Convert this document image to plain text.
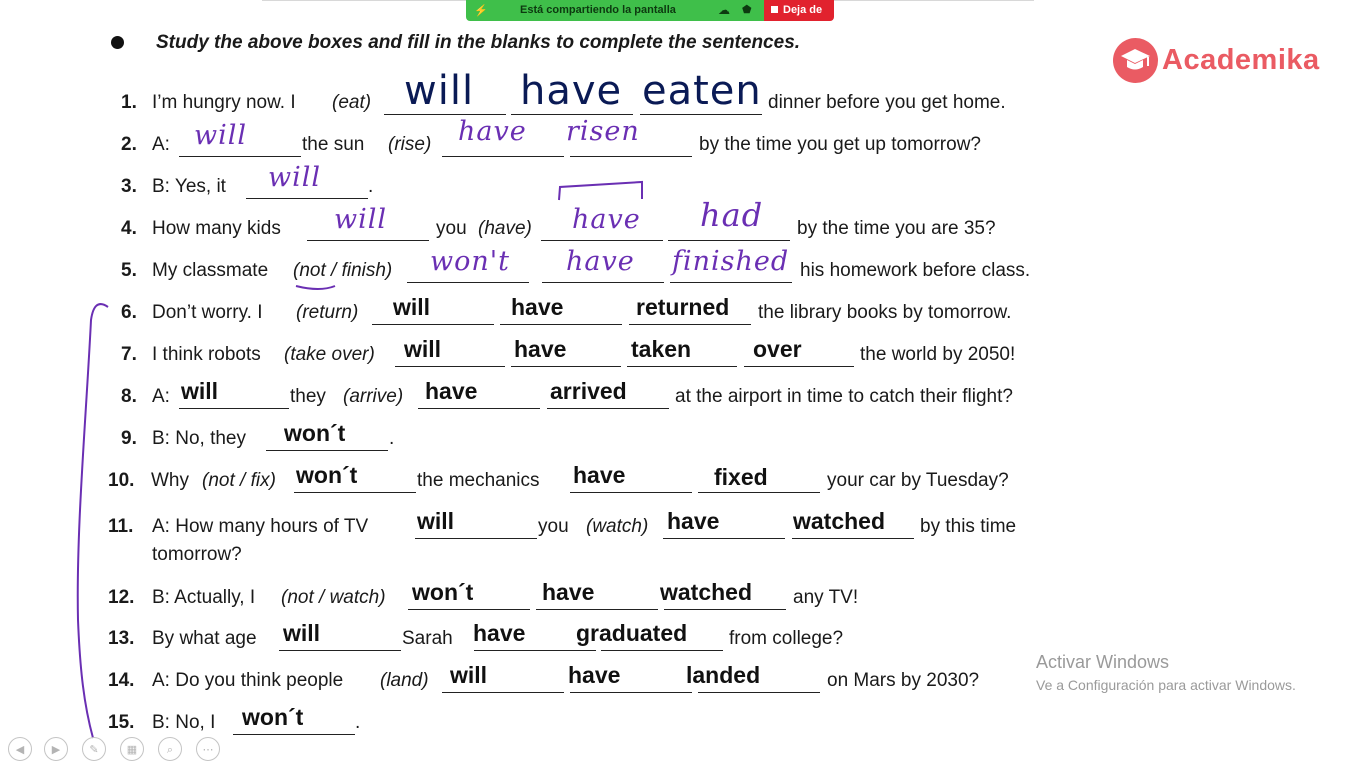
⚡	Está compartiendo la pantalla	☁ ⬟	Deja de
Study the above boxes and fill in the blanks to complete the sentences.
Academika
1. I’m hungry now. I (eat) will have eaten dinner before you get home.
2. A: will	the sun (rise) have risen	by the time you get up tomorrow?
3. B: Yes, it will .
4. How many kids will	you (have) have had by the time you are 35?
5. My classmate (not / finish) won't have finished his homework before class.
6. Don’t worry. I (return) will	have	returned the library books by tomorrow.
7. I think robots (take over) will	have	taken	over	the world by 2050!
8. A: will	they (arrive) have	arrived	at the airport in time to catch their flight?
9. B: No, they won´t .
10. Why (not / fix) won´t	the mechanics have	fixed	your car by Tuesday?
11. A: How many hours of TV will	you (watch) have	watched by this time
tomorrow?
12. B: Actually, I (not / watch) won´t	have	watched any TV!
13. By what age will	Sarah have graduated from college?
14. A: Do you think people (land) will	have	landed	on Mars by 2030?
15. B: No, I won´t	.
Activar Windows
Ve a Configuración para activar Windows.
◀	▶	✎	▦	⌕	⋯
